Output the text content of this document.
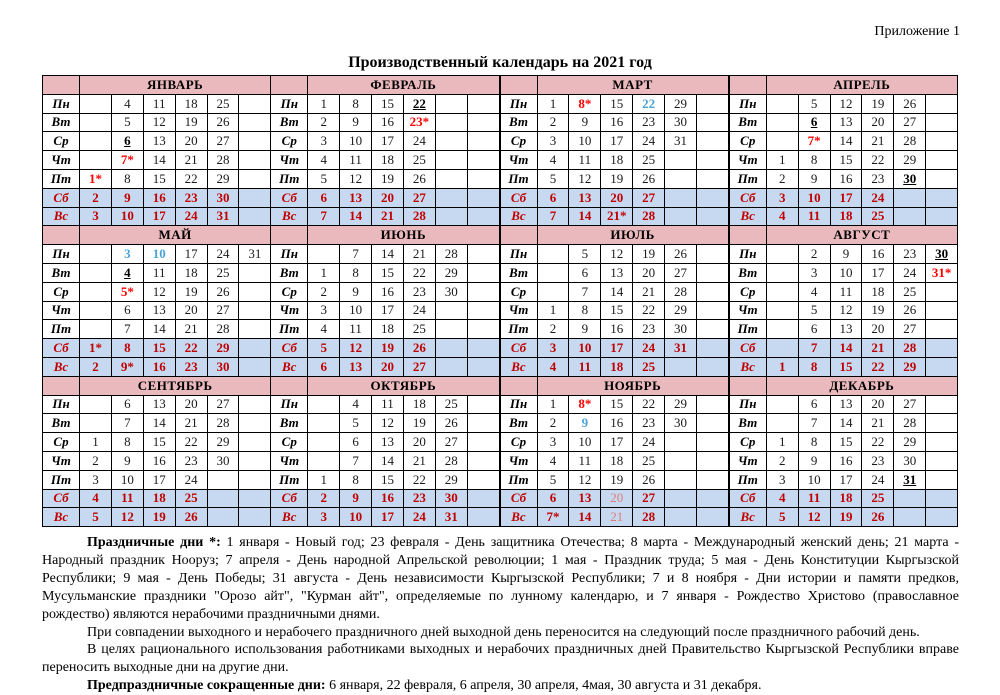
Приложение 1
Производственный календарь на 2021 год
	ЯНВАРЬ					
Пн		4	11	18	25	
Вт		5	12	19	26	
Ср		6	13	20	27	
Чт		7*	14	21	28	
Пт	1*	8	15	22	29	
Сб	2	9	16	23	30	
Вс	3	10	17	24	31	
	ФЕВРАЛЬ					
Пн	1	8	15	22		
Вт	2	9	16	23*		
Ср	3	10	17	24		
Чт	4	11	18	25		
Пт	5	12	19	26		
Сб	6	13	20	27		
Вс	7	14	21	28		
	МАРТ					
Пн	1	8*	15	22	29	
Вт	2	9	16	23	30	
Ср	3	10	17	24	31	
Чт	4	11	18	25		
Пт	5	12	19	26		
Сб	6	13	20	27		
Вс	7	14	21*	28		
	АПРЕЛЬ					
Пн		5	12	19	26	
Вт		6	13	20	27	
Ср		7*	14	21	28	
Чт	1	8	15	22	29	
Пт	2	9	16	23	30	
Сб	3	10	17	24		
Вс	4	11	18	25		
	МАЙ					
Пн		3	10	17	24	31
Вт		4	11	18	25	
Ср		5*	12	19	26	
Чт		6	13	20	27	
Пт		7	14	21	28	
Сб	1*	8	15	22	29	
Вс	2	9*	16	23	30	
	ИЮНЬ					
Пн		7	14	21	28	
Вт	1	8	15	22	29	
Ср	2	9	16	23	30	
Чт	3	10	17	24		
Пт	4	11	18	25		
Сб	5	12	19	26		
Вс	6	13	20	27		
	ИЮЛЬ					
Пн		5	12	19	26	
Вт		6	13	20	27	
Ср		7	14	21	28	
Чт	1	8	15	22	29	
Пт	2	9	16	23	30	
Сб	3	10	17	24	31	
Вс	4	11	18	25		
	АВГУСТ					
Пн		2	9	16	23	30
Вт		3	10	17	24	31*
Ср		4	11	18	25	
Чт		5	12	19	26	
Пт		6	13	20	27	
Сб		7	14	21	28	
Вс	1	8	15	22	29	
	СЕНТЯБРЬ					
Пн		6	13	20	27	
Вт		7	14	21	28	
Ср	1	8	15	22	29	
Чт	2	9	16	23	30	
Пт	3	10	17	24		
Сб	4	11	18	25		
Вс	5	12	19	26		
	ОКТЯБРЬ					
Пн		4	11	18	25	
Вт		5	12	19	26	
Ср		6	13	20	27	
Чт		7	14	21	28	
Пт	1	8	15	22	29	
Сб	2	9	16	23	30	
Вс	3	10	17	24	31	
	НОЯБРЬ					
Пн	1	8*	15	22	29	
Вт	2	9	16	23	30	
Ср	3	10	17	24		
Чт	4	11	18	25		
Пт	5	12	19	26		
Сб	6	13	20	27		
Вс	7*	14	21	28		
	ДЕКАБРЬ					
Пн		6	13	20	27	
Вт		7	14	21	28	
Ср	1	8	15	22	29	
Чт	2	9	16	23	30	
Пт	3	10	17	24	31	
Сб	4	11	18	25		
Вс	5	12	19	26		

Праздничные дни *: 1 января - Новый год; 23 февраля - День защитника Отечества; 8 марта - Международный женский день; 21 марта - Народный праздник Нооруз; 7 апреля - День народной Апрельской революции; 1 мая - Праздник труда; 5 мая - День Конституции Кыргызской Республики; 9 мая - День Победы; 31 августа - День независимости Кыргызской Республики; 7 и 8 ноября - Дни истории и памяти предков, Мусульманские праздники "Орозо айт", "Курман айт", определяемые по лунному календарю, и 7 января - Рождество Христово (православное рождество) являются нерабочими праздничными днями.

При совпадении выходного и нерабочего праздничного дней выходной день переносится на следующий после праздничного рабочий день.

В целях рационального использования работниками выходных и нерабочих праздничных дней Правительство Кыргызской Республики вправе переносить выходные дни на другие дни.

Предпраздничные сокращенные дни: 6 января, 22 февраля, 6 апреля, 30 апреля, 4мая, 30 августа и 31 декабря.
